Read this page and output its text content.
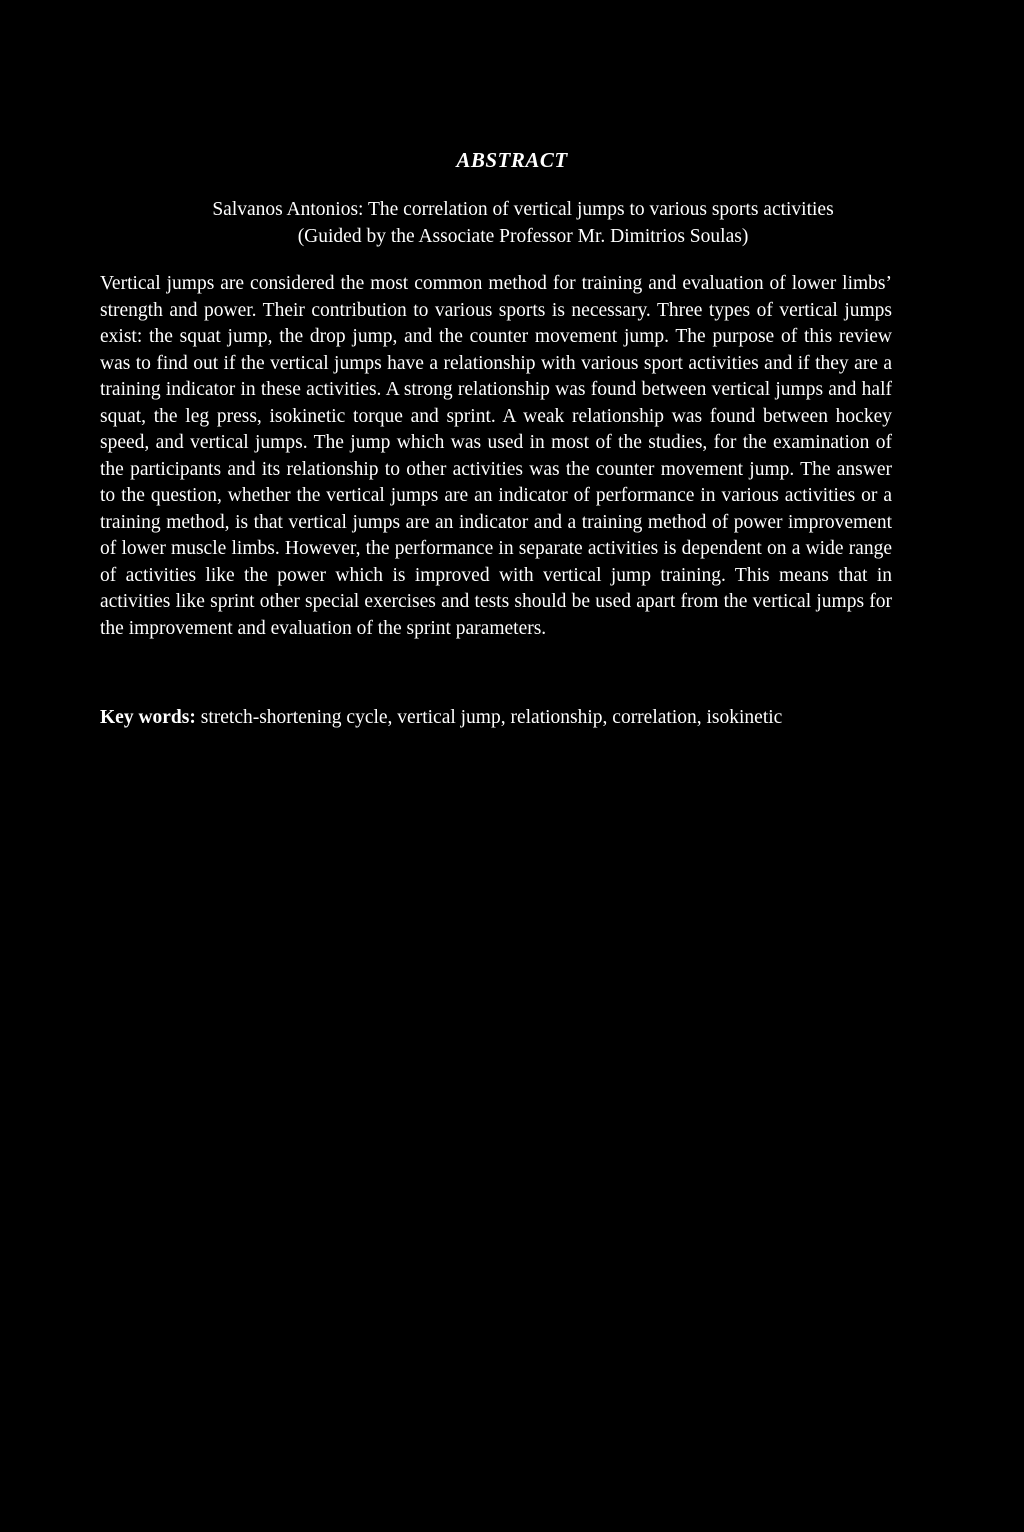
ABSTRACT

Salvanos Antonios: The correlation of vertical jumps to various sports activities
(Guided by the Associate Professor Mr. Dimitrios Soulas)

Vertical jumps are considered the most common method for training and evaluation of lower limbs’ strength and power. Their contribution to various sports is necessary. Three types of vertical jumps exist: the squat jump, the drop jump, and the counter movement jump. The purpose of this review was to find out if the vertical jumps have a relationship with various sport activities and if they are a training indicator in these activities. A strong relationship was found between vertical jumps and half squat, the leg press, isokinetic torque and sprint. A weak relationship was found between hockey speed, and vertical jumps. The jump which was used in most of the studies, for the examination of the participants and its relationship to other activities was the counter movement jump. The answer to the question, whether the vertical jumps are an indicator of performance in various activities or a training method, is that vertical jumps are an indicator and a training method of power improvement of lower muscle limbs. However, the performance in separate activities is dependent on a wide range of activities like the power which is improved with vertical jump training. This means that in activities like sprint other special exercises and tests should be used apart from the vertical jumps for the improvement and evaluation of the sprint parameters.

Key words: stretch-shortening cycle, vertical jump, relationship, correlation, isokinetic
